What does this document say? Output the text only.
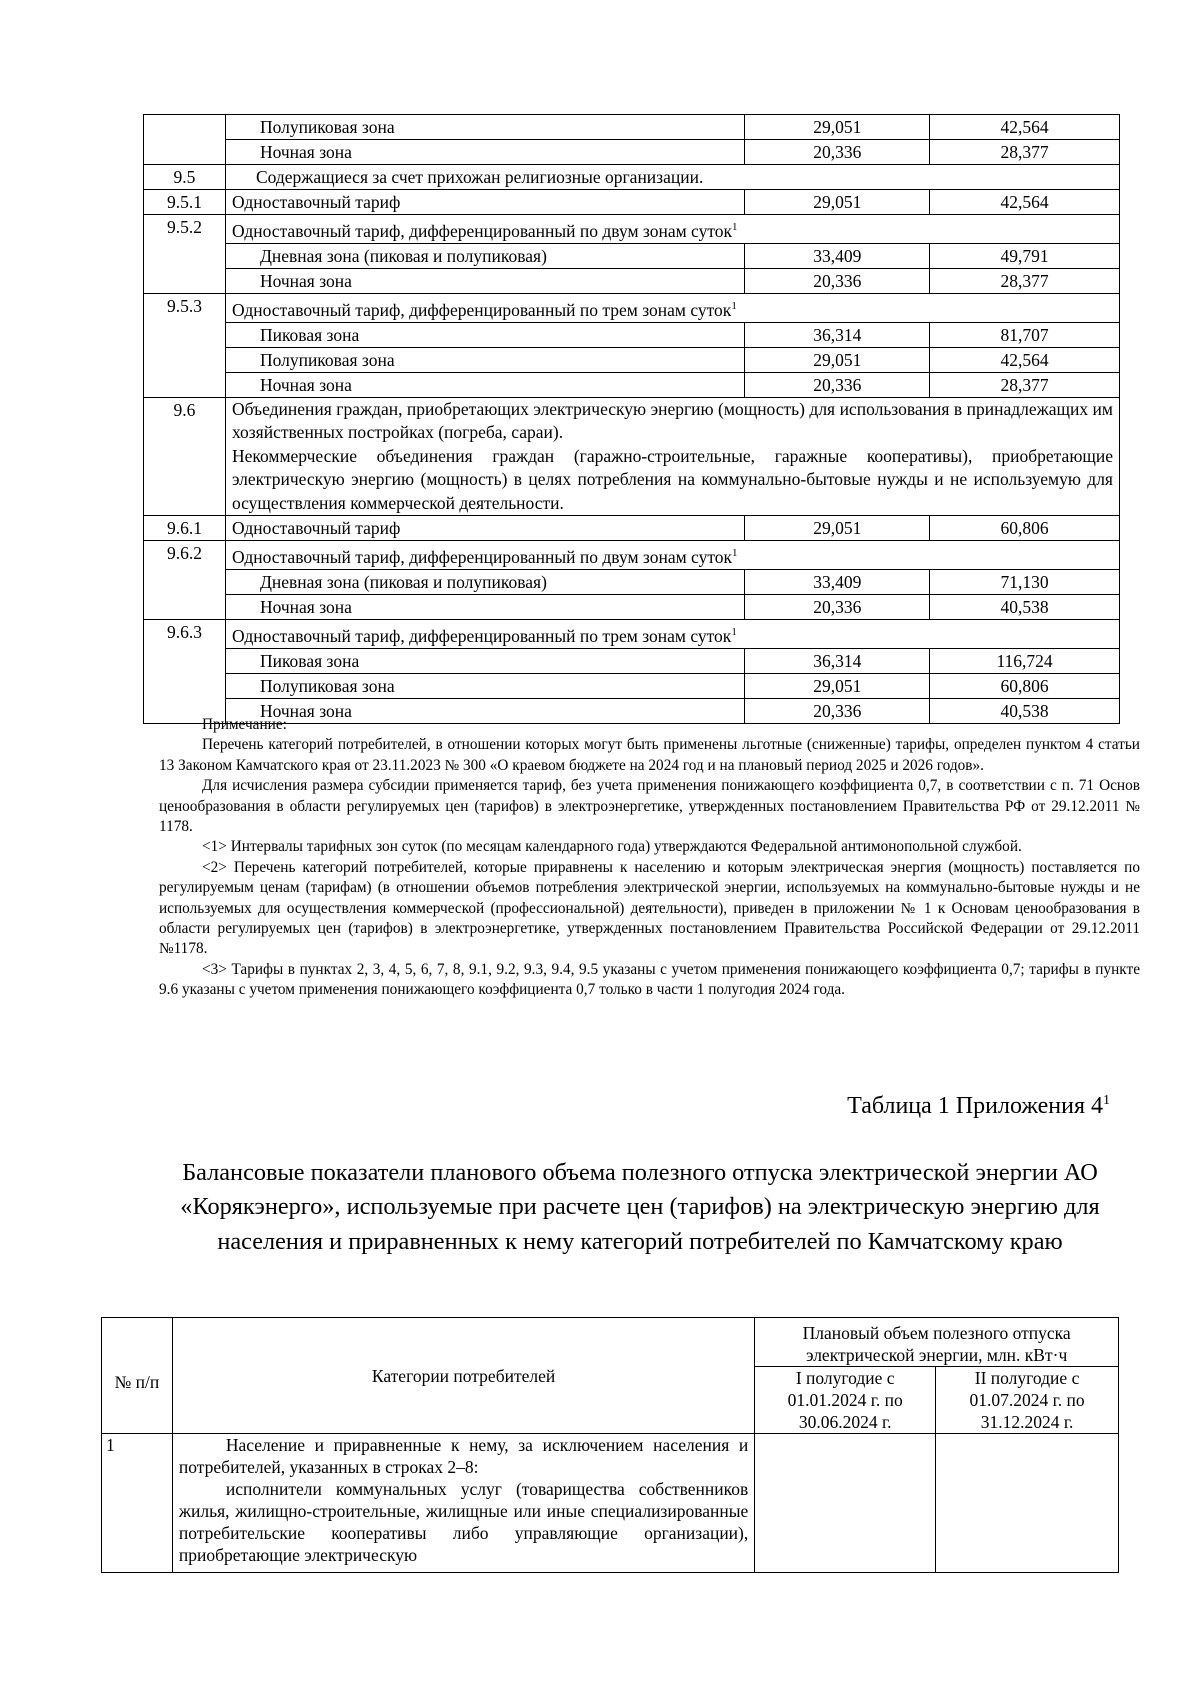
	Полупиковая зона	29,051	42,564
	Ночная зона	20,336	28,377
9.5	Содержащиеся за счет прихожан религиозные организации.		
9.5.1	Одноставочный тариф	29,051	42,564
9.5.2	Одноставочный тариф, дифференцированный по двум зонам суток$^1$
	Дневная зона (пиковая и полупиковая)	33,409	49,791
	Ночная зона	20,336	28,377
9.5.3	Одноставочный тариф, дифференцированный по трем зонам суток$^1$
	Пиковая зона	36,314	81,707
	Полупиковая зона	29,051	42,564
	Ночная зона	20,336	28,377
9.6	Объединения граждан, приобретающих электрическую энергию (мощность) для использования в принадлежащих им хозяйственных постройках (погреба, сараи).
Некоммерческие объединения граждан (гаражно-строительные, гаражные кооперативы), приобретающие электрическую энергию (мощность) в целях потребления на коммунально-бытовые нужды и не используемую для осуществления коммерческой деятельности.		

9.6.1	Одноставочный тариф	29,051	60,806
9.6.2	Одноставочный тариф, дифференцированный по двум зонам суток$^1$
	Дневная зона (пиковая и полупиковая)	33,409	71,130
	Ночная зона	20,336	40,538
9.6.3	Одноставочный тариф, дифференцированный по трем зонам суток$^1$
	Пиковая зона	36,314	116,724
	Полупиковая зона	29,051	60,806
	Ночная зона	20,336	40,538

Примечание:

Перечень категорий потребителей, в отношении которых могут быть применены льготные (сниженные) тарифы, определен пунктом 4 статьи 13 Законом Камчатского края от 23.11.2023 № 300 «О краевом бюджете на 2024 год и на плановый период 2025 и 2026 годов».

Для исчисления размера субсидии применяется тариф, без учета применения понижающего коэффициента 0,7, в соответствии с п. 71 Основ ценообразования в области регулируемых цен (тарифов) в электроэнергетике, утвержденных постановлением Правительства РФ от 29.12.2011 № 1178.

<1> Интервалы тарифных зон суток (по месяцам календарного года) утверждаются Федеральной антимонопольной службой.

<2> Перечень категорий потребителей, которые приравнены к населению и которым электрическая энергия (мощность) поставляется по регулируемым ценам (тарифам) (в отношении объемов потребления электрической энергии, используемых на коммунально-бытовые нужды и не используемых для осуществления коммерческой (профессиональной) деятельности), приведен в приложении № 1 к Основам ценообразования в области регулируемых цен (тарифов) в электроэнергетике, утвержденных постановлением Правительства Российской Федерации от 29.12.2011 №1178.

<3> Тарифы в пунктах 2, 3, 4, 5, 6, 7, 8, 9.1, 9.2, 9.3, 9.4, 9.5 указаны с учетом применения понижающего коэффициента 0,7; тарифы в пункте 9.6 указаны с учетом применения понижающего коэффициента 0,7 только в части 1 полугодия 2024 года.

Таблица 1 Приложения $4^1$
Балансовые показатели планового объема полезного отпуска электрической энергии АО «Корякэнерго», используемые при расчете цен (тарифов) на электрическую энергию для населения и приравненных к нему категорий потребителей по Камчатскому краю
№ п/п	Категории потребителей	Плановый объем полезного отпуска электрической энергии, млн. кВт·ч	
		I полугодие с 01.01.2024 г. по 30.06.2024 г.	II полугодие с 01.07.2024 г. по 31.12.2024 г.
1	Население и приравненные к нему, за исключением населения и потребителей, указанных в строках 2–8:

исполнители коммунальных услуг (товарищества собственников жилья, жилищно-строительные, жилищные или иные специализированные потребительские кооперативы либо управляющие организации), приобретающие электрическую		
